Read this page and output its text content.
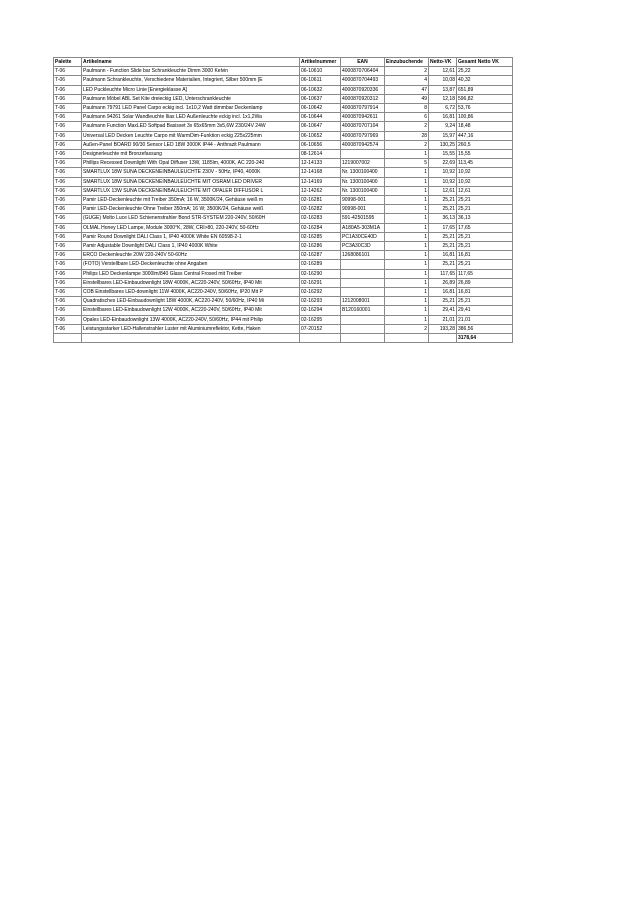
Palette	Artikelname	Artikelnummer	EAN	Einzubuchende	Netto-VK	Gesamt Netto VK
T-06	Paulmann - Function Slide bar Schrankleuchte Dimm 3000 Kelvin	06-10610	4000870706404	2	12,61	25,22
T-06	Paulmann Schrankleuchte, Verschiedene Materialien, Integriert, Silber 500mm [E	06-10611	4000870704493	4	10,08	40,32
T-06	LED Puckleuchte Micro Linie [Energieklasse A]	06-10632	4000870920336	47	13,87	651,89
T-06	Paulmann Möbel ABL Set Kite dreieckig LED, Unterschrankleuchte	06-10637	4000870920312	49	12,18	596,82
T-06	Paulmann 79791 LED Panel Carpo eckig incl. 1x10,2 Watt dimmbar Deckenlamp	06-10642	4000870797914	8	6,72	53,76
T-06	Paulmann 94261 Solar Wandleuchte Ilias LED Außenleuchte eckig incl. 1x1,2Wa	06-10644	4000870942611	6	16,81	100,86
T-06	Paulmann Function MaxLED Softpad Basisset 3x 65x65mm 3x5,6W 230/24V 24W	06-10647	4000870707104	2	9,24	18,48
T-06	Universal LED Decken Leuchte Carpo mit WarmDim-Funktion eckig 225x225mm	06-10652	4000870797969	28	15,97	447,16
T-06	Außen-Panel BOARD 90/30 Sensor LED 18W 3000K IP44 - Anthrazit Paulmann	06-10656	4000870942574	2	130,25	260,5
T-06	Designerleuchte mit Bronzefassung	08-12614		1	15,55	15,55
T-06	Phillips Recessed Downlight With Opal Diffuser 13W, 1185lm, 4000K, AC 220-240	12-14133	1219007002	5	22,69	113,45
T-06	SMARTLUX 18W SUNA DECKENEINBAULEUCHTE 230V - 50Hz, IP40, 4000K	12-14168	Nr. 1300100400	1	10,92	10,92
T-06	SMARTLUX 18W SUNA DECKENEINBAULEUCHTE MIT OSRAM LED DRIVER	12-14169	Nr. 1300100400	1	10,92	10,92
T-06	SMARTLUX 13W SUNA DECKENEINBAULEUCHTE MIT OPALER DIFFUSOR L	12-14262	Nr. 1300100400	1	12,61	12,61
T-06	Pamir LED-Deckenleuchte mit Treiber 350mA; 16 W, 3500K/24, Gehäuse weiß m	02-16281	90998-001	1	25,21	25,21
T-06	Pamir LED-Deckenleuchte Ohne Treiber 350mA; 16 W; 3500K/24, Gehäuse weiß	02-16282	90998-001	1	25,21	25,21
T-06	(GUGE) Molto Luce LED Schienenstrahler Bond STR-SYSTEM 220-240V, 50/60H	02-16283	591-42501595	1	36,13	36,13
T-06	OLMAL Honey LED Lampe, Module 3000°K, 28W, CRI>80, 220-240V, 50-60Hz	02-16284	A180A5-303M1A	1	17,65	17,65
T-06	Pamir Round Downlight DALI Class 1, IP40 4000K White EN 60598-2-1	02-16285	PC1A30CE40D	1	25,21	25,21
T-06	Pamir Adjustable Downlight DALI Class 1, IP40 4000K White	02-16286	PC3A30C3D	1	25,21	25,21
T-06	ERCO Deckenleuchte 20W 220-240V 50-60Hz	02-16287	1268086101	1	16,81	16,81
T-06	(FOTO) Verstellbare LED-Deckenleuchte ohne Angaben	02-16289		1	25,21	25,21
T-06	Philips LED Deckenlampe 3000lm/840 Glass Central Frosed mit Treiber	02-16290		1	117,65	117,65
T-06	Einstellbares LED-Einbaudownlight 18W 4000K, AC220-240V, 50/60Hz, IP40 Mit	02-16291		1	26,89	26,89
T-06	COB Einstellbares LED-downlight 11W 4000K, AC220-240V, 50/60Hz, IP20 Mit P	02-16292		1	16,81	16,81
T-06	Quadratisches LED-Einbaudownlight 18W 4000K, AC220-240V, 50/60Hz, IP40 Mi	02-16293	1212008001	1	25,21	25,21
T-06	Einstellbares LED-Einbaudownlight 12W 4000K, AC220-240V, 50/60Hz, IP40 Mit	02-16294	B120160001	1	29,41	29,41
T-06	Opales LED-Einbaudownlight 13W 4000K, AC220-240V, 50/60Hz, IP44 mit Philip	02-16295		1	21,01	21,01
T-06	Leistungsstarker LED-Hallenstrahler Luster mit Aluminiumreflektor, Kette, Haken	07-20152		2	193,28	386,56
						3178,64
